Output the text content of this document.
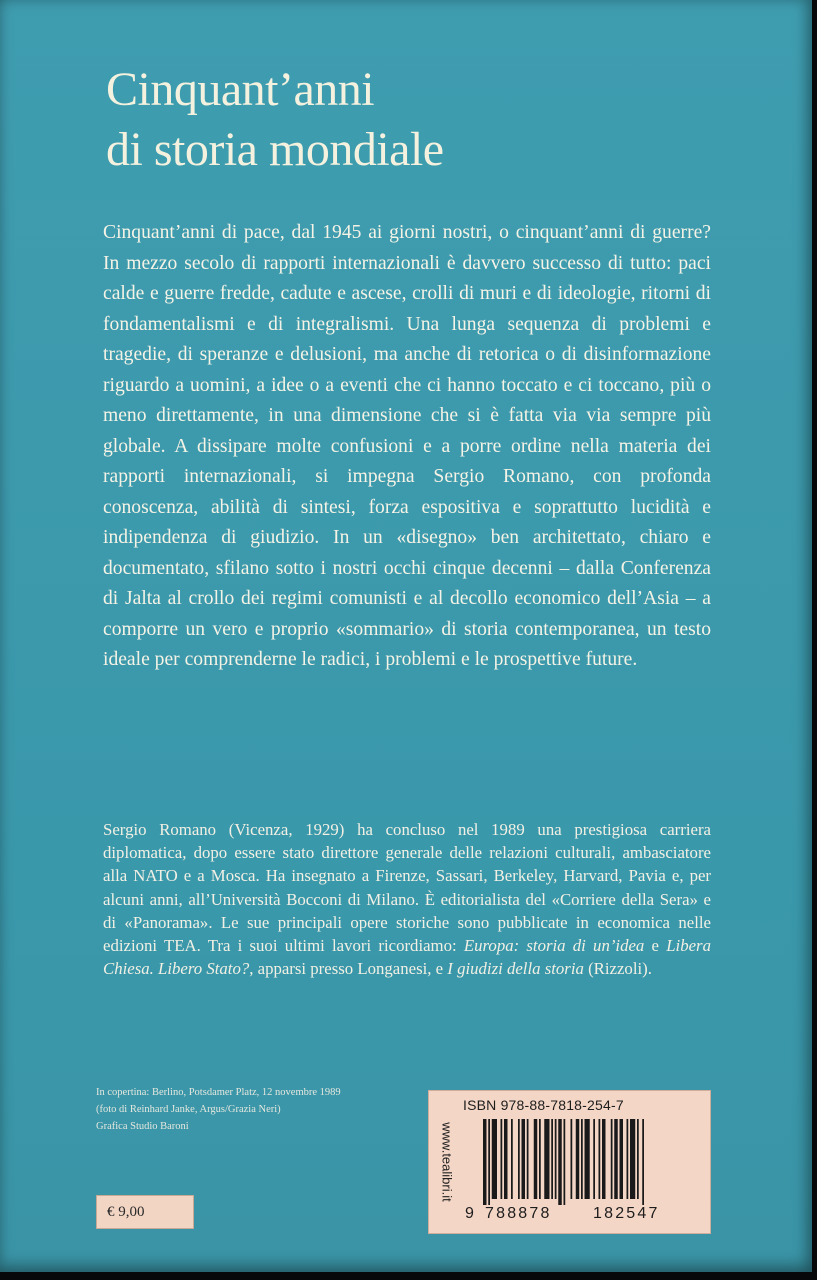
Cinquant’anni
di storia mondiale

Cinquant’anni di pace, dal 1945 ai giorni nostri, o cinquant’anni di guerre? In mezzo secolo di rapporti internazionali è davvero successo di tutto: paci calde e guerre fredde, cadute e ascese, crolli di muri e di ideologie, ritorni di fondamentalismi e di integralismi. Una lunga sequenza di problemi e tragedie, di speranze e delusioni, ma anche di retorica o di disinformazione riguardo a uomini, a idee o a eventi che ci hanno toccato e ci toccano, più o meno direttamente, in una dimensione che si è fatta via via sempre più globale. A dissipare molte confusioni e a porre ordine nella materia dei rapporti internazionali, si impegna Sergio Romano, con profonda conoscenza, abilità di sintesi, forza espositiva e soprattutto lucidità e indipendenza di giudizio. In un «disegno» ben architettato, chiaro e documentato, sfilano sotto i nostri occhi cinque decenni – dalla Conferenza di Jalta al crollo dei regimi comunisti e al decollo economico dell’Asia – a comporre un vero e proprio «sommario» di storia contemporanea, un testo ideale per comprenderne le radici, i problemi e le prospettive future.

Sergio Romano (Vicenza, 1929) ha concluso nel 1989 una prestigiosa carriera diplomatica, dopo essere stato direttore generale delle relazioni culturali, ambasciatore alla NATO e a Mosca. Ha insegnato a Firenze, Sassari, Berkeley, Harvard, Pavia e, per alcuni anni, all’Università Bocconi di Milano. È editorialista del «Corriere della Sera» e di «Panorama». Le sue principali opere storiche sono pubblicate in economica nelle edizioni TEA. Tra i suoi ultimi lavori ricordiamo: Europa: storia di un’idea e Libera Chiesa. Libero Stato?, apparsi presso Longanesi, e I giudizi della storia (Rizzoli).

In copertina: Berlino, Potsdamer Platz, 12 novembre 1989
(foto di Reinhard Janke, Argus/Grazia Neri)
Grafica Studio Baroni
€ 9,00
www.tealibri.it
ISBN 978-88-7818-254-7
9 788878	182547
